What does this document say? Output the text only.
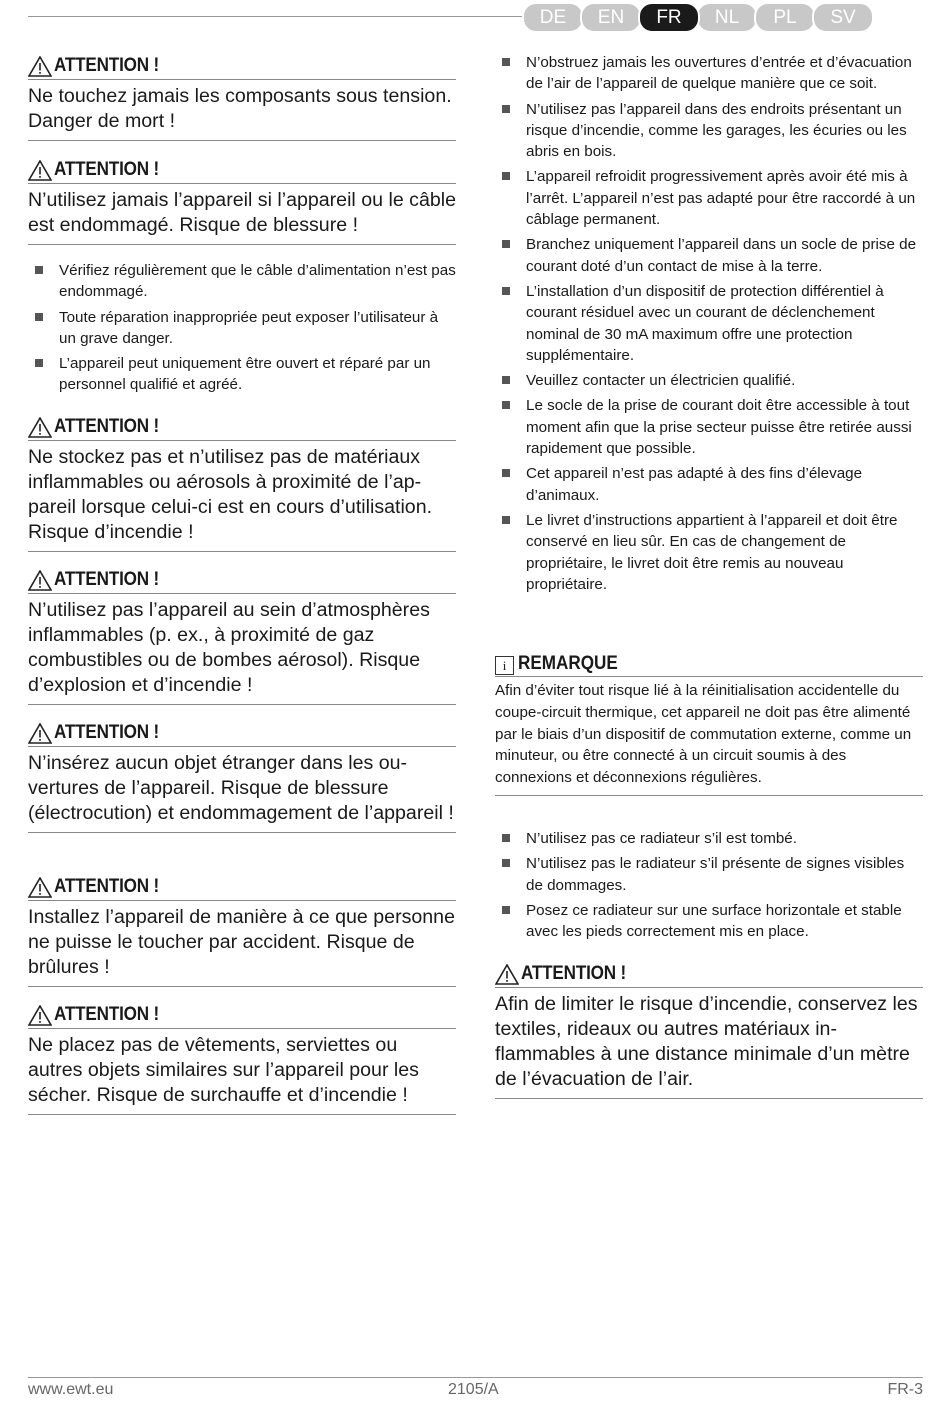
DE	EN	FR	NL	PL	SV
ATTENTION !
Ne touchez jamais les composants sous tension. Danger de mort !
ATTENTION !
N’utilisez jamais l’appareil si l’appareil ou le câble est endommagé. Risque de blessure !
Vérifiez régulièrement que le câble d’alimentation n’est pas endommagé.
Toute réparation inappropriée peut exposer l’utilisateur à un grave danger.
L’appareil peut uniquement être ouvert et réparé par un personnel qualifié et agréé.
ATTENTION !
Ne stockez pas et n’utilisez pas de matériaux inflammables ou aérosols à proximité de l’appareil lorsque celui-ci est en cours d’utilisation. Risque d’incendie !
ATTENTION !
N’utilisez pas l’appareil au sein d’atmosphères inflammables (p. ex., à proximité de gaz combustibles ou de bombes aérosol). Risque d’explosion et d’incendie !
ATTENTION !
N’insérez aucun objet étranger dans les ouvertures de l’appareil. Risque de blessure (électrocution) et endommagement de l’appareil !
ATTENTION !
Installez l’appareil de manière à ce que personne ne puisse le toucher par accident. Risque de brûlures !
ATTENTION !
Ne placez pas de vêtements, serviettes ou autres objets similaires sur l’appareil pour les sécher. Risque de surchauffe et d’incendie !
N’obstruez jamais les ouvertures d’entrée et d’évacuation de l’air de l’appareil de quelque manière que ce soit.
N’utilisez pas l’appareil dans des endroits présentant un risque d’incendie, comme les garages, les écuries ou les abris en bois.
L’appareil refroidit progressivement après avoir été mis à l’arrêt. L’appareil n’est pas adapté pour être raccordé à un câblage permanent.
Branchez uniquement l’appareil dans un socle de prise de courant doté d’un contact de mise à la terre.
L’installation d’un dispositif de protection différentiel à courant résiduel avec un courant de déclenchement nominal de 30 mA maximum offre une protection supplémentaire.
Veuillez contacter un électricien qualifié.
Le socle de la prise de courant doit être accessible à tout moment afin que la prise secteur puisse être retirée aussi rapidement que possible.
Cet appareil n’est pas adapté à des fins d’élevage d’animaux.
Le livret d’instructions appartient à l’appareil et doit être conservé en lieu sûr. En cas de changement de propriétaire, le livret doit être remis au nouveau propriétaire.
i REMARQUE
Afin d’éviter tout risque lié à la réinitialisation accidentelle du coupe-circuit thermique, cet appareil ne doit pas être alimenté par le biais d’un dispositif de commutation externe, comme un minuteur, ou être connecté à un circuit soumis à des connexions et déconnexions régulières.
N’utilisez pas ce radiateur s’il est tombé.
N’utilisez pas le radiateur s’il présente de signes visibles de dommages.
Posez ce radiateur sur une surface horizontale et stable avec les pieds correctement mis en place.
ATTENTION !
Afin de limiter le risque d’incendie, conservez les textiles, rideaux ou autres matériaux inflammables à une distance minimale d’un mètre de l’évacuation de l’air.
www.ewt.eu	2105/A	FR-3
